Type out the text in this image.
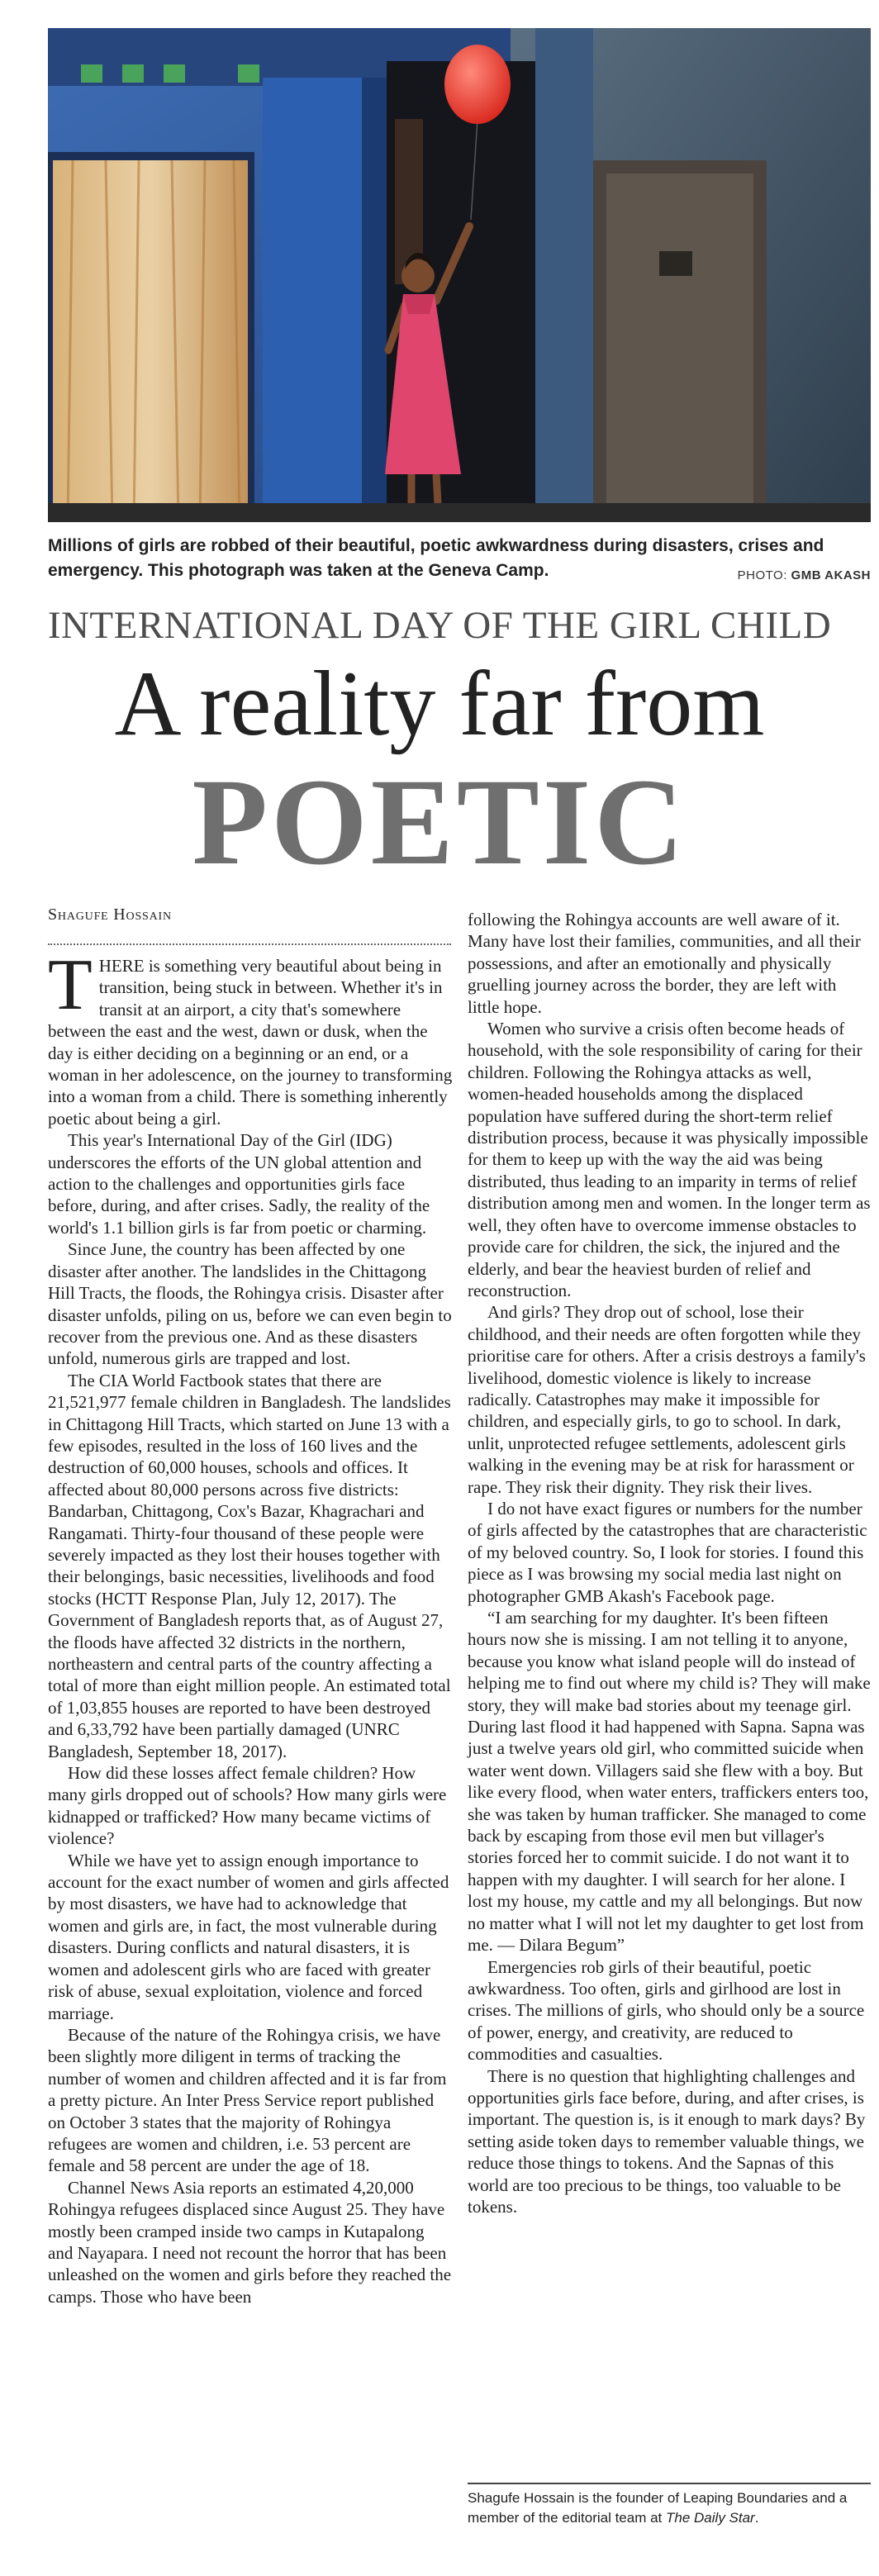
Millions of girls are robbed of their beautiful, poetic awkwardness during disasters, crises and emergency. This photograph was taken at the Geneva Camp.	PHOTO: GMB AKASH
INTERNATIONAL DAY OF THE GIRL CHILD
A reality far from
POETIC
Shagufe Hossain

THERE is something very beautiful about being in transition, being stuck in between. Whether it's in transit at an airport, a city that's somewhere between the east and the west, dawn or dusk, when the day is either deciding on a beginning or an end, or a woman in her adolescence, on the journey to transforming into a woman from a child. There is something inherently poetic about being a girl.

This year's International Day of the Girl (IDG) underscores the efforts of the UN global attention and action to the challenges and opportunities girls face before, during, and after crises. Sadly, the reality of the world's 1.1 billion girls is far from poetic or charming.

Since June, the country has been affected by one disaster after another. The landslides in the Chittagong Hill Tracts, the floods, the Rohingya crisis. Disaster after disaster unfolds, piling on us, before we can even begin to recover from the previous one. And as these disasters unfold, numerous girls are trapped and lost.

The CIA World Factbook states that there are 21,521,977 female children in Bangladesh. The landslides in Chittagong Hill Tracts, which started on June 13 with a few episodes, resulted in the loss of 160 lives and the destruction of 60,000 houses, schools and offices. It affected about 80,000 persons across five districts: Bandarban, Chittagong, Cox's Bazar, Khagrachari and Rangamati. Thirty-four thousand of these people were severely impacted as they lost their houses together with their belongings, basic necessities, livelihoods and food stocks (HCTT Response Plan, July 12, 2017). The Government of Bangladesh reports that, as of August 27, the floods have affected 32 districts in the northern, northeastern and central parts of the country affecting a total of more than eight million people. An estimated total of 1,03,855 houses are reported to have been destroyed and 6,33,792 have been partially damaged (UNRC Bangladesh, September 18, 2017).

How did these losses affect female children? How many girls dropped out of schools? How many girls were kidnapped or trafficked? How many became victims of violence?

While we have yet to assign enough importance to account for the exact number of women and girls affected by most disasters, we have had to acknowledge that women and girls are, in fact, the most vulnerable during disasters. During conflicts and natural disasters, it is women and adolescent girls who are faced with greater risk of abuse, sexual exploitation, violence and forced marriage.

Because of the nature of the Rohingya crisis, we have been slightly more diligent in terms of tracking the number of women and children affected and it is far from a pretty picture. An Inter Press Service report published on October 3 states that the majority of Rohingya refugees are women and children, i.e. 53 percent are female and 58 percent are under the age of 18.

Channel News Asia reports an estimated 4,20,000 Rohingya refugees displaced since August 25. They have mostly been cramped inside two camps in Kutapalong and Nayapara. I need not recount the horror that has been unleashed on the women and girls before they reached the camps. Those who have been

following the Rohingya accounts are well aware of it. Many have lost their families, communities, and all their possessions, and after an emotionally and physically gruelling journey across the border, they are left with little hope.

Women who survive a crisis often become heads of household, with the sole responsibility of caring for their children. Following the Rohingya attacks as well, women-headed households among the displaced population have suffered during the short-term relief distribution process, because it was physically impossible for them to keep up with the way the aid was being distributed, thus leading to an imparity in terms of relief distribution among men and women. In the longer term as well, they often have to overcome immense obstacles to provide care for children, the sick, the injured and the elderly, and bear the heaviest burden of relief and reconstruction.

And girls? They drop out of school, lose their childhood, and their needs are often forgotten while they prioritise care for others. After a crisis destroys a family's livelihood, domestic violence is likely to increase radically. Catastrophes may make it impossible for children, and especially girls, to go to school. In dark, unlit, unprotected refugee settlements, adolescent girls walking in the evening may be at risk for harassment or rape. They risk their dignity. They risk their lives.

I do not have exact figures or numbers for the number of girls affected by the catastrophes that are characteristic of my beloved country. So, I look for stories. I found this piece as I was browsing my social media last night on photographer GMB Akash's Facebook page.

“I am searching for my daughter. It's been fifteen hours now she is missing. I am not telling it to anyone, because you know what island people will do instead of helping me to find out where my child is? They will make story, they will make bad stories about my teenage girl. During last flood it had happened with Sapna. Sapna was just a twelve years old girl, who committed suicide when water went down. Villagers said she flew with a boy. But like every flood, when water enters, traffickers enters too, she was taken by human trafficker. She managed to come back by escaping from those evil men but villager's stories forced her to commit suicide. I do not want it to happen with my daughter. I will search for her alone. I lost my house, my cattle and my all belongings. But now no matter what I will not let my daughter to get lost from me. — Dilara Begum”

Emergencies rob girls of their beautiful, poetic awkwardness. Too often, girls and girlhood are lost in crises. The millions of girls, who should only be a source of power, energy, and creativity, are reduced to commodities and casualties.

There is no question that highlighting challenges and opportunities girls face before, during, and after crises, is important. The question is, is it enough to mark days? By setting aside token days to remember valuable things, we reduce those things to tokens. And the Sapnas of this world are too precious to be things, too valuable to be tokens.

Shagufe Hossain is the founder of Leaping Boundaries and a member of the editorial team at The Daily Star.
